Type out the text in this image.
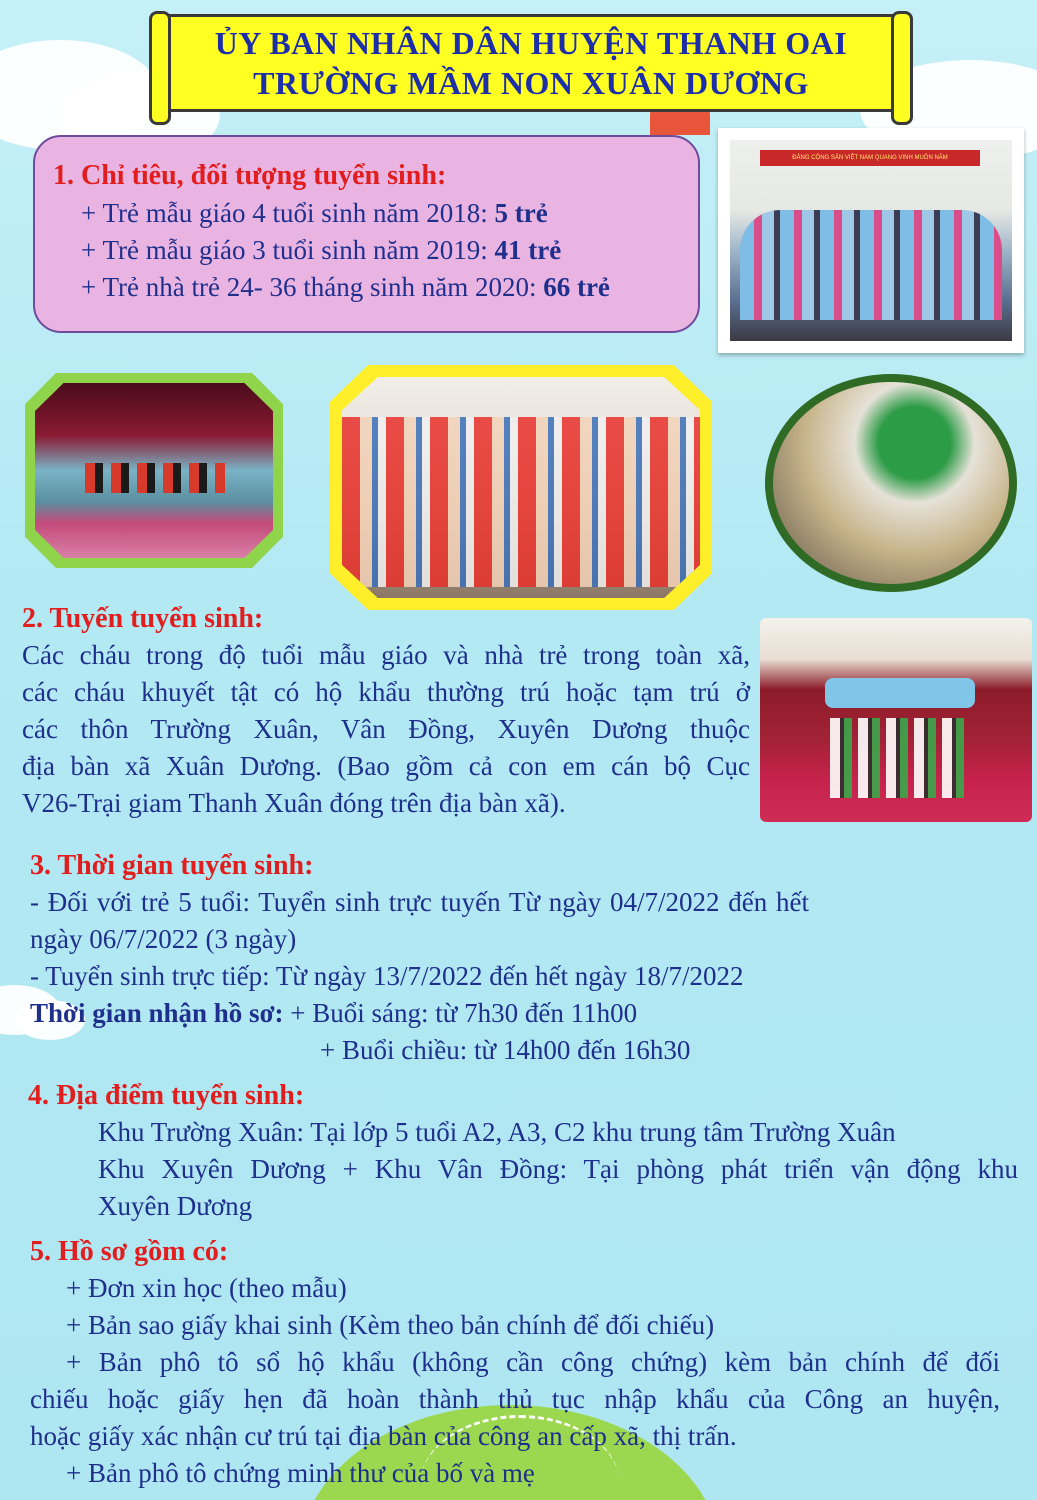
ỦY BAN NHÂN DÂN HUYỆN THANH OAI
TRƯỜNG MẦM NON XUÂN DƯƠNG
1. Chỉ tiêu, đối tượng tuyển sinh:
+ Trẻ mẫu giáo 4 tuổi sinh năm 2018: 5 trẻ
+ Trẻ mẫu giáo 3 tuổi sinh năm 2019: 41 trẻ
+ Trẻ nhà trẻ 24- 36 tháng sinh năm 2020: 66 trẻ
ĐẢNG CỘNG SẢN VIỆT NAM QUANG VINH MUÔN NĂM
2. Tuyến tuyển sinh:
Các cháu trong độ tuổi mẫu giáo và nhà trẻ trong toàn xã,
các cháu khuyết tật có hộ khẩu thường trú hoặc tạm trú ở
các thôn Trường Xuân, Vân Đồng, Xuyên Dương thuộc
địa bàn xã Xuân Dương. (Bao gồm cả con em cán bộ Cục
V26-Trại giam Thanh Xuân đóng trên địa bàn xã).
3. Thời gian tuyển sinh:
- Đối với trẻ 5 tuổi: Tuyển sinh trực tuyến Từ ngày 04/7/2022 đến hết
ngày 06/7/2022 (3 ngày)
- Tuyển sinh trực tiếp: Từ ngày 13/7/2022 đến hết ngày 18/7/2022
Thời gian nhận hồ sơ: + Buổi sáng: từ 7h30 đến 11h00
+ Buổi chiều: từ 14h00 đến 16h30
4. Địa điểm tuyển sinh:
Khu Trường Xuân: Tại lớp 5 tuổi A2, A3, C2 khu trung tâm Trường Xuân
Khu Xuyên Dương + Khu Vân Đồng: Tại phòng phát triển vận động khu
Xuyên Dương
5. Hồ sơ gồm có:
+ Đơn xin học (theo mẫu)
+ Bản sao giấy khai sinh (Kèm theo bản chính để đối chiếu)
+ Bản phô tô sổ hộ khẩu (không cần công chứng) kèm bản chính để đối
chiếu hoặc giấy hẹn đã hoàn thành thủ tục nhập khẩu của Công an huyện,
hoặc giấy xác nhận cư trú tại địa bàn của công an cấp xã, thị trấn.
+ Bản phô tô chứng minh thư của bố và mẹ
